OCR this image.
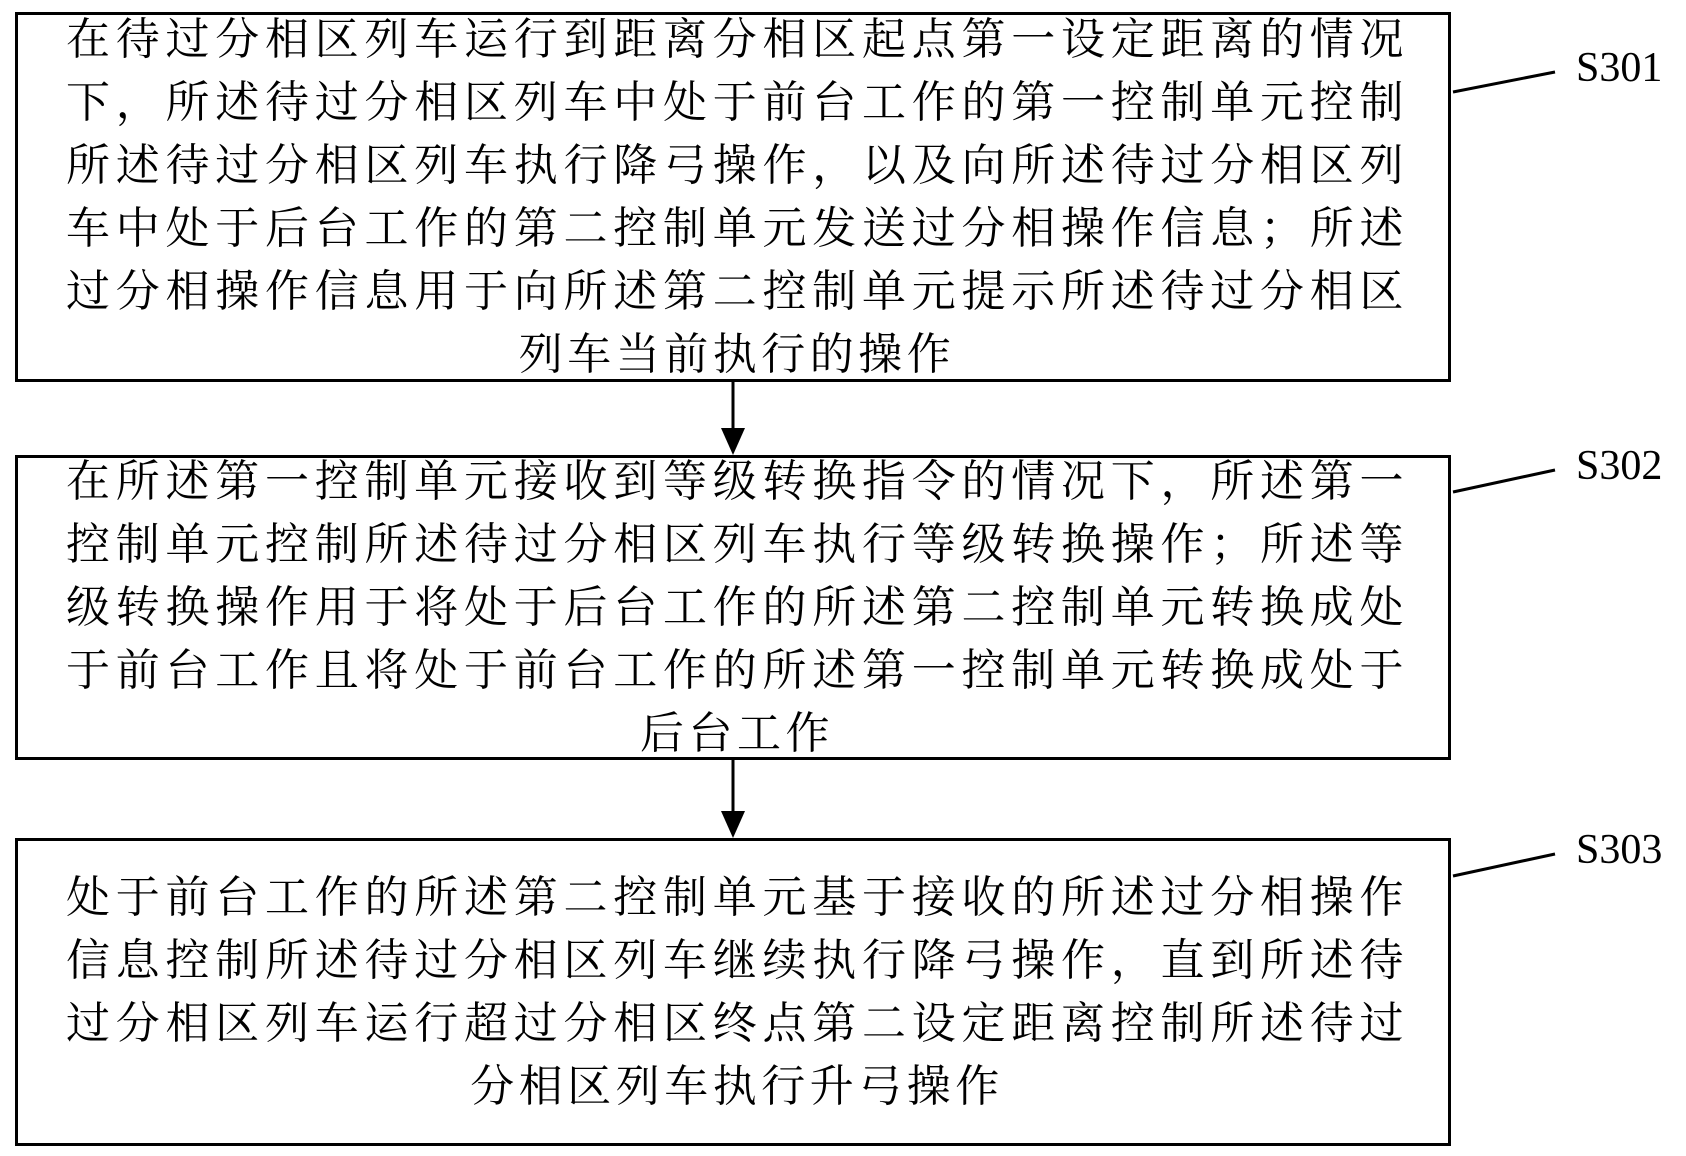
在待过分相区列车运行到距离分相区起点第一设定距离的情况下，所述待过分相区列车中处于前台工作的第一控制单元控制所述待过分相区列车执行降弓操作，以及向所述待过分相区列车中处于后台工作的第二控制单元发送过分相操作信息；所述过分相操作信息用于向所述第二控制单元提示所述待过分相区列车当前执行的操作

在所述第一控制单元接收到等级转换指令的情况下，所述第一控制单元控制所述待过分相区列车执行等级转换操作；所述等级转换操作用于将处于后台工作的所述第二控制单元转换成处于前台工作且将处于前台工作的所述第一控制单元转换成处于后台工作

处于前台工作的所述第二控制单元基于接收的所述过分相操作信息控制所述待过分相区列车继续执行降弓操作，直到所述待过分相区列车运行超过分相区终点第二设定距离控制所述待过分相区列车执行升弓操作

S301
S302
S303
